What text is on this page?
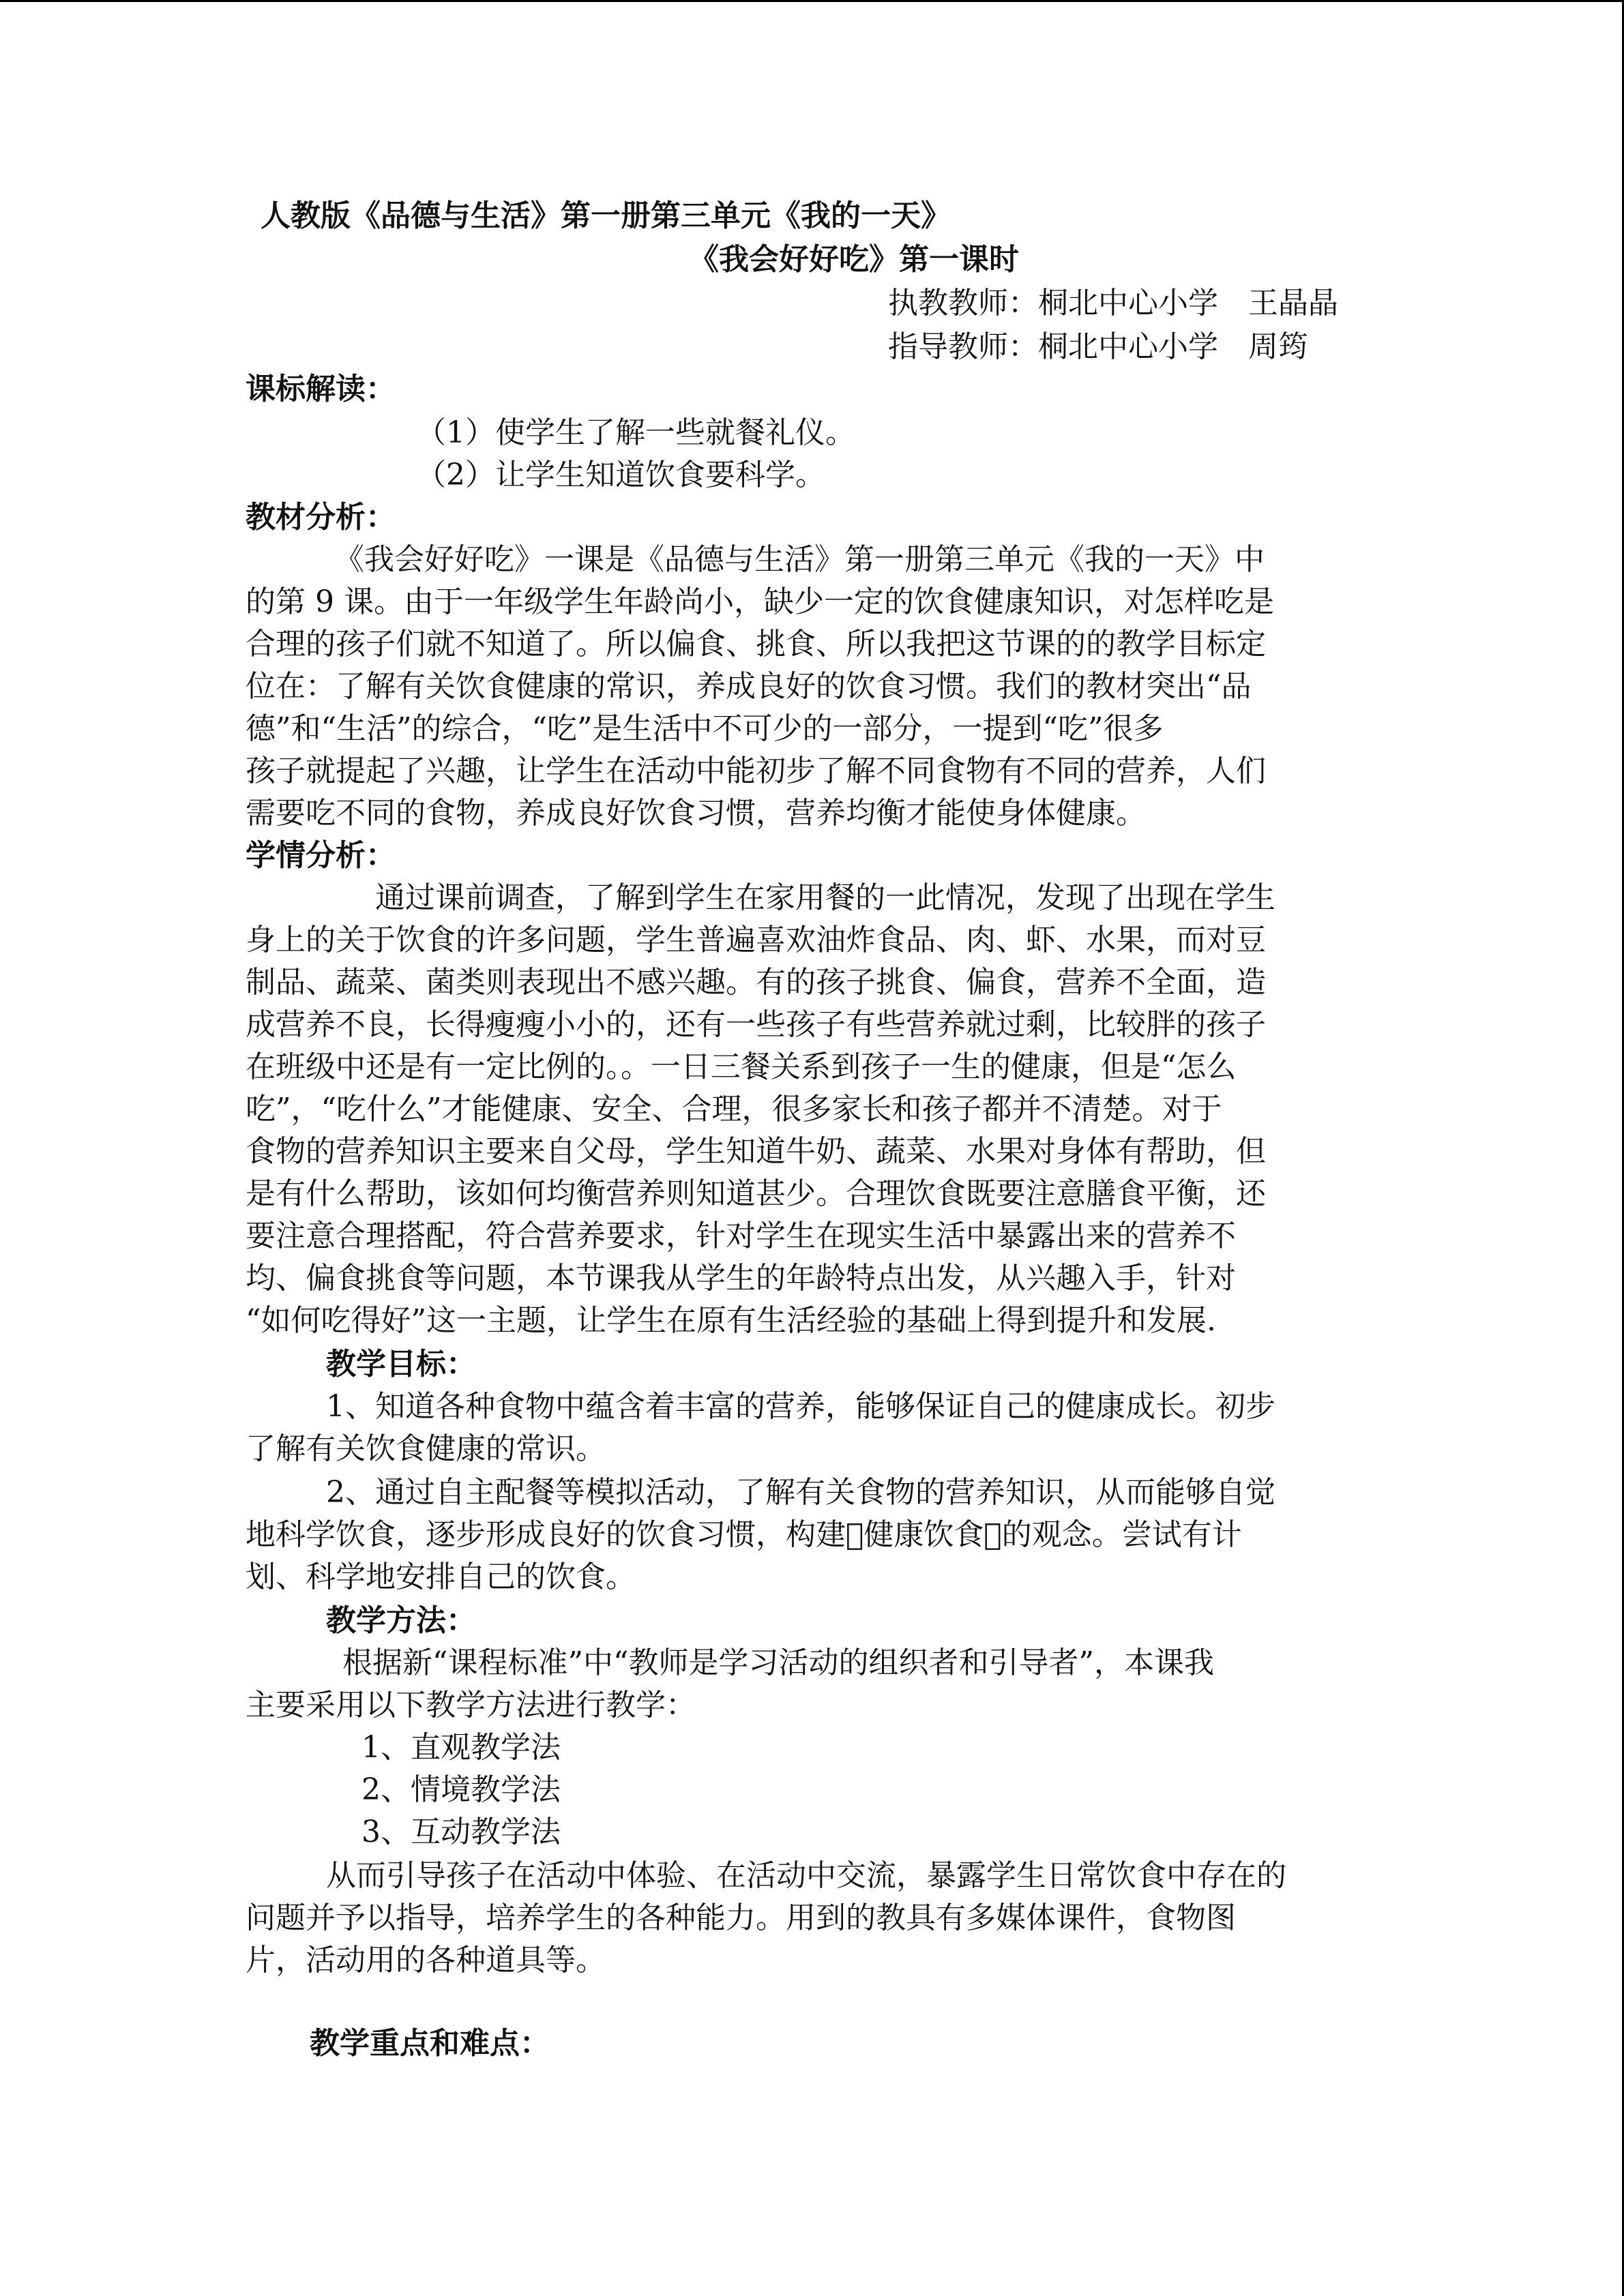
人教版《品德与生活》第一册第三单元《我的一天》
《我会好好吃》第一课时
执教教师：桐北中心小学　王晶晶
指导教师：桐北中心小学　周筠
课标解读：
（1）使学生了解一些就餐礼仪。
（2）让学生知道饮食要科学。
教材分析：
《我会好好吃》一课是《品德与生活》第一册第三单元《我的一天》中
的第 9 课。由于一年级学生年龄尚小，缺少一定的饮食健康知识，对怎样吃是
合理的孩子们就不知道了。所以偏食、挑食、所以我把这节课的的教学目标定
位在：了解有关饮食健康的常识，养成良好的饮食习惯。我们的教材突出“品
德”和“生活”的综合，“吃”是生活中不可少的一部分，一提到“吃”很多
孩子就提起了兴趣，让学生在活动中能初步了解不同食物有不同的营养，人们
需要吃不同的食物，养成良好饮食习惯，营养均衡才能使身体健康。
学情分析：
通过课前调查，了解到学生在家用餐的一此情况，发现了出现在学生
身上的关于饮食的许多问题，学生普遍喜欢油炸食品、肉、虾、水果，而对豆
制品、蔬菜、菌类则表现出不感兴趣。有的孩子挑食、偏食，营养不全面，造
成营养不良，长得瘦瘦小小的，还有一些孩子有些营养就过剩，比较胖的孩子
在班级中还是有一定比例的。。一日三餐关系到孩子一生的健康，但是“怎么
吃”，“吃什么”才能健康、安全、合理，很多家长和孩子都并不清楚。对于
食物的营养知识主要来自父母，学生知道牛奶、蔬菜、水果对身体有帮助，但
是有什么帮助，该如何均衡营养则知道甚少。合理饮食既要注意膳食平衡，还
要注意合理搭配，符合营养要求，针对学生在现实生活中暴露出来的营养不
均、偏食挑食等问题，本节课我从学生的年龄特点出发，从兴趣入手，针对
“如何吃得好”这一主题，让学生在原有生活经验的基础上得到提升和发展.
教学目标：
1、知道各种食物中蕴含着丰富的营养，能够保证自己的健康成长。初步
了解有关饮食健康的常识。
2、通过自主配餐等模拟活动，了解有关食物的营养知识，从而能够自觉
地科学饮食，逐步形成良好的饮食习惯，构建 健康饮食 的观念。尝试有计
划、科学地安排自己的饮食。
教学方法：
根据新“课程标准”中“教师是学习活动的组织者和引导者”，本课我
主要采用以下教学方法进行教学：
1、直观教学法
2、情境教学法
3、互动教学法
从而引导孩子在活动中体验、在活动中交流，暴露学生日常饮食中存在的
问题并予以指导，培养学生的各种能力。用到的教具有多媒体课件，食物图
片，活动用的各种道具等。
教学重点和难点：
